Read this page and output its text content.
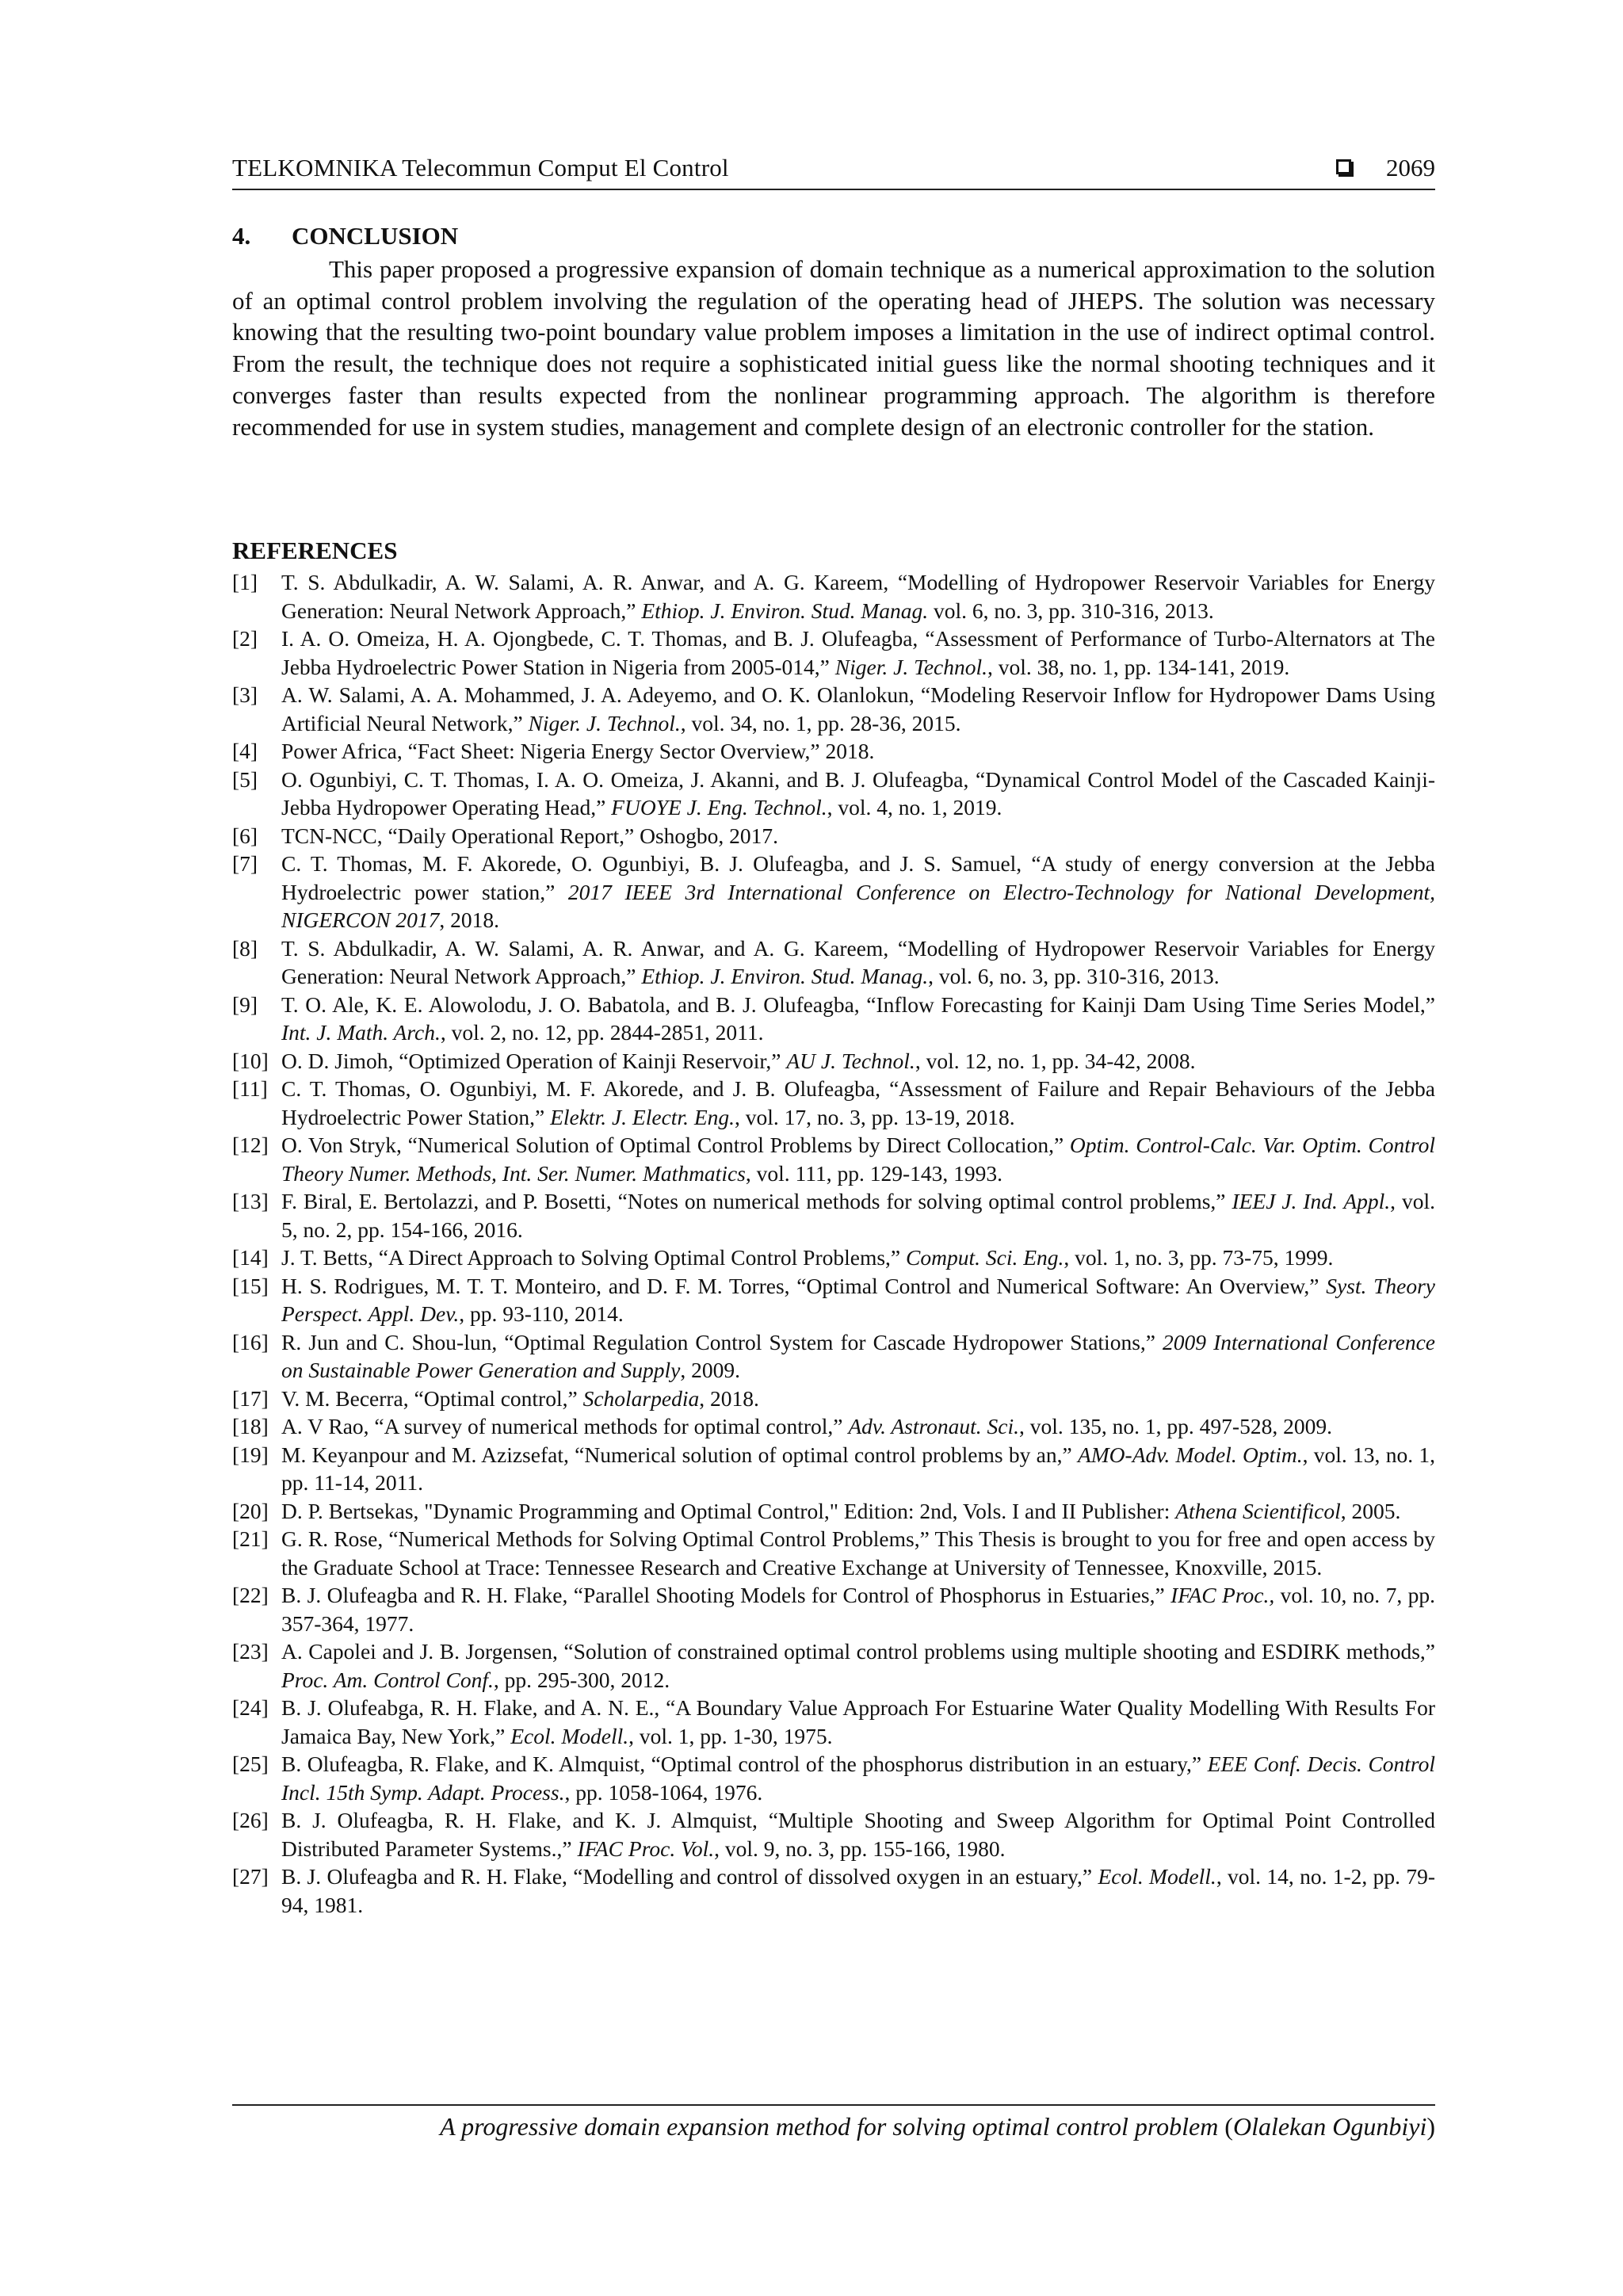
TELKOMNIKA Telecommun Comput El Control	2069
4. CONCLUSION

This paper proposed a progressive expansion of domain technique as a numerical approximation to the solution of an optimal control problem involving the regulation of the operating head of JHEPS. The solution was necessary knowing that the resulting two-point boundary value problem imposes a limitation in the use of indirect optimal control. From the result, the technique does not require a sophisticated initial guess like the normal shooting techniques and it converges faster than results expected from the nonlinear programming approach. The algorithm is therefore recommended for use in system studies, management and complete design of an electronic controller for the station.

REFERENCES
[1] T. S. Abdulkadir, A. W. Salami, A. R. Anwar, and A. G. Kareem, “Modelling of Hydropower Reservoir Variables for Energy Generation: Neural Network Approach,” Ethiop. J. Environ. Stud. Manag. vol. 6, no. 3, pp. 310-316, 2013.
[2] I. A. O. Omeiza, H. A. Ojongbede, C. T. Thomas, and B. J. Olufeagba, “Assessment of Performance of Turbo-Alternators at The Jebba Hydroelectric Power Station in Nigeria from 2005-014,” Niger. J. Technol., vol. 38, no. 1, pp. 134-141, 2019.
[3] A. W. Salami, A. A. Mohammed, J. A. Adeyemo, and O. K. Olanlokun, “Modeling Reservoir Inflow for Hydropower Dams Using Artificial Neural Network,” Niger. J. Technol., vol. 34, no. 1, pp. 28-36, 2015.
[4] Power Africa, “Fact Sheet: Nigeria Energy Sector Overview,” 2018.
[5] O. Ogunbiyi, C. T. Thomas, I. A. O. Omeiza, J. Akanni, and B. J. Olufeagba, “Dynamical Control Model of the Cascaded Kainji-Jebba Hydropower Operating Head,” FUOYE J. Eng. Technol., vol. 4, no. 1, 2019.
[6] TCN-NCC, “Daily Operational Report,” Oshogbo, 2017.
[7] C. T. Thomas, M. F. Akorede, O. Ogunbiyi, B. J. Olufeagba, and J. S. Samuel, “A study of energy conversion at the Jebba Hydroelectric power station,” 2017 IEEE 3rd International Conference on Electro-Technology for National Development, NIGERCON 2017, 2018.
[8] T. S. Abdulkadir, A. W. Salami, A. R. Anwar, and A. G. Kareem, “Modelling of Hydropower Reservoir Variables for Energy Generation: Neural Network Approach,” Ethiop. J. Environ. Stud. Manag., vol. 6, no. 3, pp. 310-316, 2013.
[9] T. O. Ale, K. E. Alowolodu, J. O. Babatola, and B. J. Olufeagba, “Inflow Forecasting for Kainji Dam Using Time Series Model,” Int. J. Math. Arch., vol. 2, no. 12, pp. 2844-2851, 2011.
[10] O. D. Jimoh, “Optimized Operation of Kainji Reservoir,” AU J. Technol., vol. 12, no. 1, pp. 34-42, 2008.
[11] C. T. Thomas, O. Ogunbiyi, M. F. Akorede, and J. B. Olufeagba, “Assessment of Failure and Repair Behaviours of the Jebba Hydroelectric Power Station,” Elektr. J. Electr. Eng., vol. 17, no. 3, pp. 13-19, 2018.
[12] O. Von Stryk, “Numerical Solution of Optimal Control Problems by Direct Collocation,” Optim. Control-Calc. Var. Optim. Control Theory Numer. Methods, Int. Ser. Numer. Mathmatics, vol. 111, pp. 129-143, 1993.
[13] F. Biral, E. Bertolazzi, and P. Bosetti, “Notes on numerical methods for solving optimal control problems,” IEEJ J. Ind. Appl., vol. 5, no. 2, pp. 154-166, 2016.
[14] J. T. Betts, “A Direct Approach to Solving Optimal Control Problems,” Comput. Sci. Eng., vol. 1, no. 3, pp. 73-75, 1999.
[15] H. S. Rodrigues, M. T. T. Monteiro, and D. F. M. Torres, “Optimal Control and Numerical Software: An Overview,” Syst. Theory Perspect. Appl. Dev., pp. 93-110, 2014.
[16] R. Jun and C. Shou-lun, “Optimal Regulation Control System for Cascade Hydropower Stations,” 2009 International Conference on Sustainable Power Generation and Supply, 2009.
[17] V. M. Becerra, “Optimal control,” Scholarpedia, 2018.
[18] A. V Rao, “A survey of numerical methods for optimal control,” Adv. Astronaut. Sci., vol. 135, no. 1, pp. 497-528, 2009.
[19] M. Keyanpour and M. Azizsefat, “Numerical solution of optimal control problems by an,” AMO-Adv. Model. Optim., vol. 13, no. 1, pp. 11-14, 2011.
[20] D. P. Bertsekas, "Dynamic Programming and Optimal Control," Edition: 2nd, Vols. I and II Publisher: Athena Scientificol, 2005.
[21] G. R. Rose, “Numerical Methods for Solving Optimal Control Problems,” This Thesis is brought to you for free and open access by the Graduate School at Trace: Tennessee Research and Creative Exchange at University of Tennessee, Knoxville, 2015.
[22] B. J. Olufeagba and R. H. Flake, “Parallel Shooting Models for Control of Phosphorus in Estuaries,” IFAC Proc., vol. 10, no. 7, pp. 357-364, 1977.
[23] A. Capolei and J. B. Jorgensen, “Solution of constrained optimal control problems using multiple shooting and ESDIRK methods,” Proc. Am. Control Conf., pp. 295-300, 2012.
[24] B. J. Olufeabga, R. H. Flake, and A. N. E., “A Boundary Value Approach For Estuarine Water Quality Modelling With Results For Jamaica Bay, New York,” Ecol. Modell., vol. 1, pp. 1-30, 1975.
[25] B. Olufeagba, R. Flake, and K. Almquist, “Optimal control of the phosphorus distribution in an estuary,” EEE Conf. Decis. Control Incl. 15th Symp. Adapt. Process., pp. 1058-1064, 1976.
[26] B. J. Olufeagba, R. H. Flake, and K. J. Almquist, “Multiple Shooting and Sweep Algorithm for Optimal Point Controlled Distributed Parameter Systems.,” IFAC Proc. Vol., vol. 9, no. 3, pp. 155-166, 1980.
[27] B. J. Olufeagba and R. H. Flake, “Modelling and control of dissolved oxygen in an estuary,” Ecol. Modell., vol. 14, no. 1-2, pp. 79-94, 1981.
A progressive domain expansion method for solving optimal control problem (Olalekan Ogunbiyi)
